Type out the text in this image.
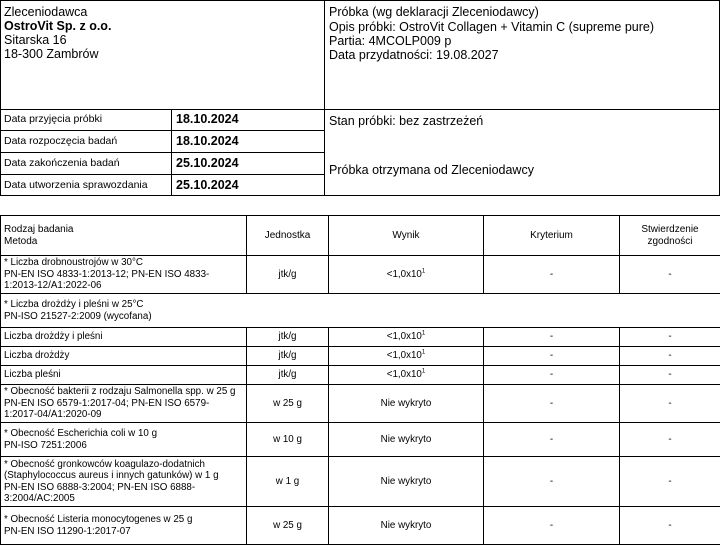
Zleceniodawca
OstroVit Sp. z o.o.
Sitarska 16
18-300 Zambrów
Próbka (wg deklaracji Zleceniodawcy)
Opis próbki: OstroVit Collagen + Vitamin C (supreme pure)
Partia: 4MCOLP009 p
Data przydatności: 19.08.2027
Data przyjęcia próbki	18.10.2024
Data rozpoczęcia badań	18.10.2024
Data zakończenia badań	25.10.2024
Data utworzenia sprawozdania 25.10.2024
Stan próbki: bez zastrzeżeń
Próbka otrzymana od Zleceniodawcy
Rodzaj badania
Metoda	Jednostka	Wynik	Kryterium	Stwierdzenie
zgodności
* Liczba drobnoustrojów w 30°C
PN-EN ISO 4833-1:2013-12; PN-EN ISO 4833-
1:2013-12/A1:2022-06	jtk/g	$<1,0x10^1$	-	-
* Liczba drożdży i pleśni w 25°C
PN-ISO 21527-2:2009 (wycofana)				
Liczba drożdży i pleśni	jtk/g	$<1,0x10^1$	-	-
Liczba drożdży	jtk/g	$<1,0x10^1$	-	-
Liczba pleśni	jtk/g	$<1,0x10^1$	-	-
* Obecność bakterii z rodzaju Salmonella spp. w 25 g
PN-EN ISO 6579-1:2017-04; PN-EN ISO 6579-
1:2017-04/A1:2020-09	w 25 g	Nie wykryto	-	-
* Obecność Escherichia coli w 10 g
PN-ISO 7251:2006	w 10 g	Nie wykryto	-	-
* Obecność gronkowców koagulazo-dodatnich
(Staphylococcus aureus i innych gatunków) w 1 g
PN-EN ISO 6888-3:2004; PN-EN ISO 6888-
3:2004/AC:2005	w 1 g	Nie wykryto	-	-
* Obecność Listeria monocytogenes w 25 g
PN-EN ISO 11290-1:2017-07	w 25 g	Nie wykryto	-	-
